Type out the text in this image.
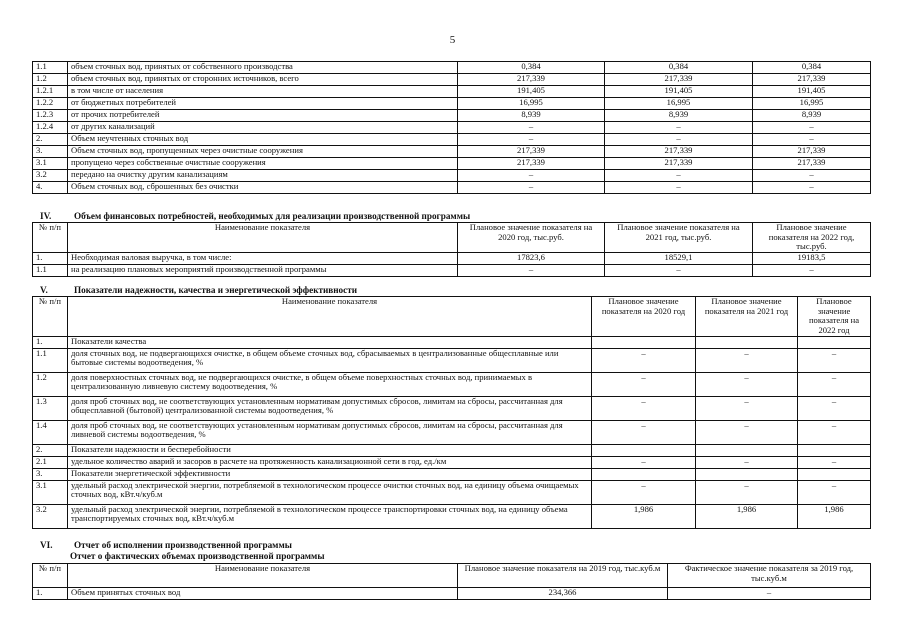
5
1.1	объем сточных вод, принятых от собственного производства	0,384	0,384	0,384
1.2	объем сточных вод, принятых от сторонних источников, всего	217,339	217,339	217,339
1.2.1	в том числе от населения	191,405	191,405	191,405
1.2.2	от бюджетных потребителей	16,995	16,995	16,995
1.2.3	от прочих потребителей	8,939	8,939	8,939
1.2.4	от других канализаций	–	–	–
2.	Объем неучтенных сточных вод	–	–	–
3.	Объем сточных вод, пропущенных через очистные сооружения	217,339	217,339	217,339
3.1	пропущено через собственные очистные сооружения	217,339	217,339	217,339
3.2	передано на очистку другим канализациям	–	–	–
4.	Объем сточных вод, сброшенных без очистки	–	–	–
IV. Объем финансовых потребностей, необходимых для реализации производственной программы
№ п/п	Наименование показателя	Плановое значение показателя на 2020 год, тыс.руб.	Плановое значение показателя на 2021 год, тыс.руб.	Плановое значение показателя на 2022 год, тыс.руб.
1.	Необходимая валовая выручка, в том числе:	17823,6	18529,1	19183,5
1.1	на реализацию плановых мероприятий производственной программы	–	–	–
V.	Показатели надежности, качества и энергетической эффективности
№ п/п	Наименование показателя	Плановое значение показателя на 2020 год	Плановое значение показателя на 2021 год	Плановое значение показателя на 2022 год
1.	Показатели качества			
1.1	доля сточных вод, не подвергающихся очистке, в общем объеме сточных вод, сбрасываемых в централизованные общесплавные или бытовые системы водоотведения, %	–	–	–
1.2	доля поверхностных сточных вод, не подвергающихся очистке, в общем объеме поверхностных сточных вод, принимаемых в централизованную ливневую систему водоотведения, %	–	–	–
1.3	доля проб сточных вод, не соответствующих установленным нормативам допустимых сбросов, лимитам на сбросы, рассчитанная для общесплавной (бытовой) централизованной системы водоотведения, %	–	–	–
1.4	доля проб сточных вод, не соответствующих установленным нормативам допустимых сбросов, лимитам на сбросы, рассчитанная для ливневой системы водоотведения, %	–	–	–
2.	Показатели надежности и бесперебойности			
2.1	удельное количество аварий и засоров в расчете на протяженность канализационной сети в год, ед./км	–	–	–
3.	Показатели энергетической эффективности			
3.1	удельный расход электрической энергии, потребляемой в технологическом процессе очистки сточных вод, на единицу объема очищаемых сточных вод, кВт.ч/куб.м	–	–	–
3.2	удельный расход электрической энергии, потребляемой в технологическом процессе транспортировки сточных вод, на единицу объема транспортируемых сточных вод, кВт.ч/куб.м	1,986	1,986	1,986
VI. Отчет об исполнении производственной программы
Отчет о фактических объемах производственной программы
№ п/п	Наименование показателя	Плановое значение показателя на 2019 год, тыс.куб.м	Фактическое значение показателя за 2019 год, тыс.куб.м
1.	Объем принятых сточных вод	234,366	–
